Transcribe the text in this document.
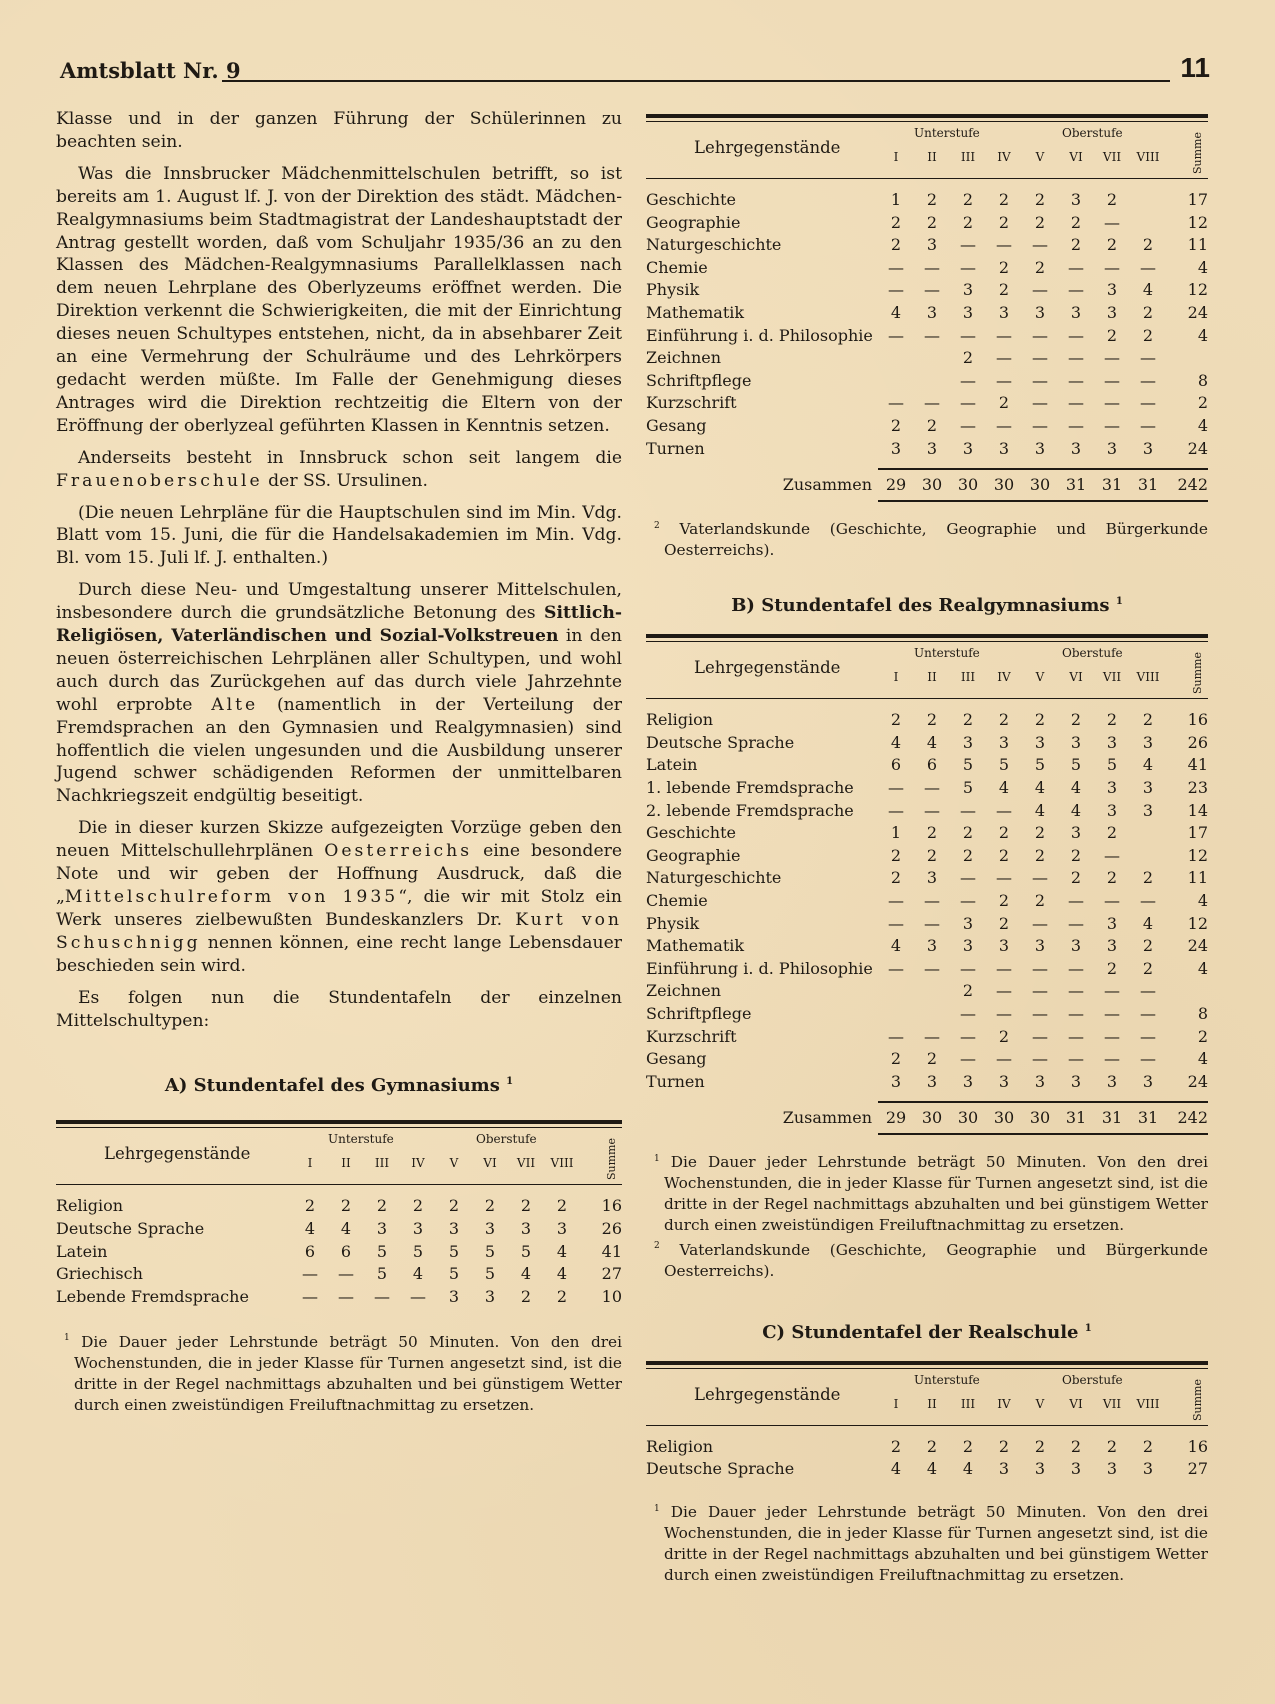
Amtsblatt Nr. 9	11

Klasse und in der ganzen Führung der Schülerinnen zu beachten sein.

Was die Innsbrucker Mädchenmittelschulen betrifft, so ist bereits am 1. August lf. J. von der Direktion des städt. Mädchen-Realgymnasiums beim Stadtmagistrat der Landeshauptstadt der Antrag gestellt worden, daß vom Schuljahr 1935/36 an zu den Klassen des Mädchen-Realgymnasiums Parallelklassen nach dem neuen Lehrplane des Oberlyzeums eröffnet werden. Die Direktion verkennt die Schwierigkeiten, die mit der Einrichtung dieses neuen Schultypes entstehen, nicht, da in absehbarer Zeit an eine Vermehrung der Schulräume und des Lehrkörpers gedacht werden müßte. Im Falle der Genehmigung dieses Antrages wird die Direktion rechtzeitig die Eltern von der Eröffnung der oberlyzeal geführten Klassen in Kenntnis setzen.

Anderseits besteht in Innsbruck schon seit langem die Frauenoberschule der SS. Ursulinen.

(Die neuen Lehrpläne für die Hauptschulen sind im Min. Vdg. Blatt vom 15. Juni, die für die Handelsakademien im Min. Vdg. Bl. vom 15. Juli lf. J. enthalten.)

Durch diese Neu- und Umgestaltung unserer Mittelschulen, insbesondere durch die grundsätzliche Betonung des Sittlich-Religiösen, Vaterländischen und Sozial-Volkstreuen in den neuen österreichischen Lehrplänen aller Schultypen, und wohl auch durch das Zurückgehen auf das durch viele Jahrzehnte wohl erprobte Alte (namentlich in der Verteilung der Fremdsprachen an den Gymnasien und Realgymnasien) sind hoffentlich die vielen ungesunden und die Ausbildung unserer Jugend schwer schädigenden Reformen der unmittelbaren Nachkriegszeit endgültig beseitigt.

Die in dieser kurzen Skizze aufgezeigten Vorzüge geben den neuen Mittelschullehrplänen Oesterreichs eine besondere Note und wir geben der Hoffnung Ausdruck, daß die „Mittelschulreform von 1935“, die wir mit Stolz ein Werk unseres zielbewußten Bundeskanzlers Dr. Kurt von Schuschnigg nennen können, eine recht lange Lebensdauer beschieden sein wird.

Es folgen nun die Stundentafeln der einzelnen Mittelschultypen:

A) Stundentafel des Gymnasiums $^1$

Lehrgegenstände
Unterstufe	Oberstufe
I	II	III	IV	V	VI	VII	VIII	Summe
Religion	2	2	2	2	2	2	2	2	16
Deutsche Sprache	4	4	3	3	3	3	3	3	26
Latein	6	6	5	5	5	5	5	4	41
Griechisch	—	—	5	4	5	5	4	4	27
Lebende Fremdsprache	—	—	—	—	3	3	2	2	10

$^1$ Die Dauer jeder Lehrstunde beträgt 50 Minuten. Von den drei Wochenstunden, die in jeder Klasse für Turnen angesetzt sind, ist die dritte in der Regel nachmittags abzuhalten und bei günstigem Wetter durch einen zweistündigen Freiluftnachmittag zu ersetzen.

Lehrgegenstände
Unterstufe	Oberstufe
I	II	III	IV	V	VI	VII	VIII	Summe
Geschichte	1	2	2	2	2	3	2		17
Geographie	2	2	2	2	2	2	—		12
Naturgeschichte	2	3	—	—	—	2	2	2	11
Chemie	—	—	—	2	2	—	—	—	4
Physik	—	—	3	2	—	—	3	4	12
Mathematik	4	3	3	3	3	3	3	2	24
Einführung i. d. Philosophie	—	—	—	—	—	—	2	2	4
Zeichnen			2	—	—	—	—	—	
Schriftpflege			—	—	—	—	—	—	8
Kurzschrift	—	—	—	2	—	—	—	—	2
Gesang	2	2	—	—	—	—	—	—	4
Turnen	3	3	3	3	3	3	3	3	24

Zusammen	29	30	30	30	30	31	31	31	242

$^2$ Vaterlandskunde (Geschichte, Geographie und Bürgerkunde Oesterreichs).

B) Stundentafel des Realgymnasiums $^1$

Lehrgegenstände
Unterstufe	Oberstufe
I	II	III	IV	V	VI	VII	VIII	Summe
Religion	2	2	2	2	2	2	2	2	16
Deutsche Sprache	4	4	3	3	3	3	3	3	26
Latein	6	6	5	5	5	5	5	4	41
1. lebende Fremdsprache	—	—	5	4	4	4	3	3	23
2. lebende Fremdsprache	—	—	—	—	4	4	3	3	14
Geschichte	1	2	2	2	2	3	2		17
Geographie	2	2	2	2	2	2	—		12
Naturgeschichte	2	3	—	—	—	2	2	2	11
Chemie	—	—	—	2	2	—	—	—	4
Physik	—	—	3	2	—	—	3	4	12
Mathematik	4	3	3	3	3	3	3	2	24
Einführung i. d. Philosophie	—	—	—	—	—	—	2	2	4
Zeichnen			2	—	—	—	—	—	
Schriftpflege			—	—	—	—	—	—	8
Kurzschrift	—	—	—	2	—	—	—	—	2
Gesang	2	2	—	—	—	—	—	—	4
Turnen	3	3	3	3	3	3	3	3	24

Zusammen	29	30	30	30	30	31	31	31	242

$^1$ Die Dauer jeder Lehrstunde beträgt 50 Minuten. Von den drei Wochenstunden, die in jeder Klasse für Turnen angesetzt sind, ist die dritte in der Regel nachmittags abzuhalten und bei günstigem Wetter durch einen zweistündigen Freiluftnachmittag zu ersetzen.

$^2$ Vaterlandskunde (Geschichte, Geographie und Bürgerkunde Oesterreichs).

C) Stundentafel der Realschule $^1$

Lehrgegenstände
Unterstufe	Oberstufe
I	II	III	IV	V	VI	VII	VIII	Summe
Religion	2	2	2	2	2	2	2	2	16
Deutsche Sprache	4	4	4	3	3	3	3	3	27

$^1$ Die Dauer jeder Lehrstunde beträgt 50 Minuten. Von den drei Wochenstunden, die in jeder Klasse für Turnen angesetzt sind, ist die dritte in der Regel nachmittags abzuhalten und bei günstigem Wetter durch einen zweistündigen Freiluftnachmittag zu ersetzen.
